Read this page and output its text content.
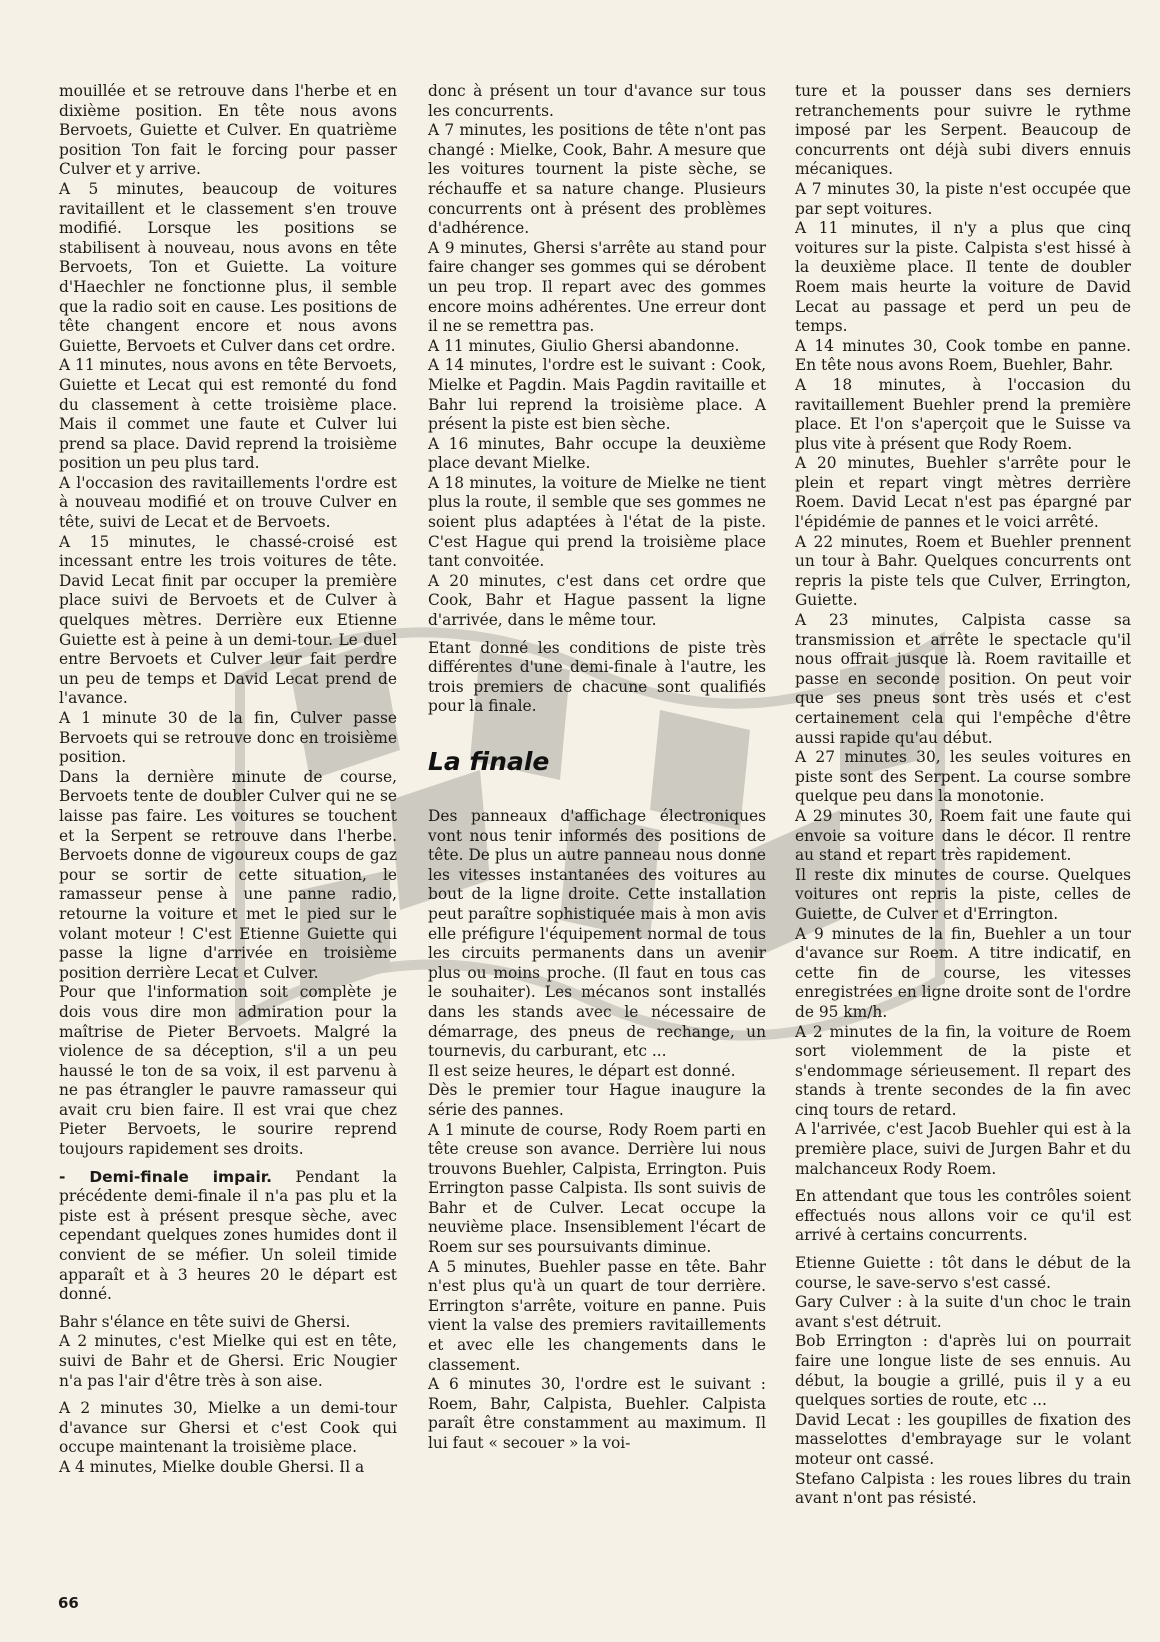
mouillée et se retrouve dans l'herbe et en dixième position. En tête nous avons Bervoets, Guiette et Culver. En quatrième position Ton fait le forcing pour passer Culver et y arrive.

A 5 minutes, beaucoup de voitures ravitaillent et le classement s'en trouve modifié. Lorsque les positions se stabilisent à nouveau, nous avons en tête Bervoets, Ton et Guiette. La voiture d'Haechler ne fonctionne plus, il semble que la radio soit en cause. Les positions de tête changent encore et nous avons Guiette, Bervoets et Culver dans cet ordre.

A 11 minutes, nous avons en tête Bervoets, Guiette et Lecat qui est remonté du fond du classement à cette troisième place. Mais il commet une faute et Culver lui prend sa place. David reprend la troisième position un peu plus tard.

A l'occasion des ravitaillements l'ordre est à nouveau modifié et on trouve Culver en tête, suivi de Lecat et de Bervoets.

A 15 minutes, le chassé-croisé est incessant entre les trois voitures de tête. David Lecat finit par occuper la première place suivi de Bervoets et de Culver à quelques mètres. Derrière eux Etienne Guiette est à peine à un demi-tour. Le duel entre Bervoets et Culver leur fait perdre un peu de temps et David Lecat prend de l'avance.

A 1 minute 30 de la fin, Culver passe Bervoets qui se retrouve donc en troisième position.

Dans la dernière minute de course, Bervoets tente de doubler Culver qui ne se laisse pas faire. Les voitures se touchent et la Serpent se retrouve dans l'herbe. Bervoets donne de vigoureux coups de gaz pour se sortir de cette situation, le ramasseur pense à une panne radio, retourne la voiture et met le pied sur le volant moteur ! C'est Etienne Guiette qui passe la ligne d'arrivée en troisième position derrière Lecat et Culver.

Pour que l'information soit complète je dois vous dire mon admiration pour la maîtrise de Pieter Bervoets. Malgré la violence de sa déception, s'il a un peu haussé le ton de sa voix, il est parvenu à ne pas étrangler le pauvre ramasseur qui avait cru bien faire. Il est vrai que chez Pieter Bervoets, le sourire reprend toujours rapidement ses droits.

- Demi-finale impair. Pendant la précédente demi-finale il n'a pas plu et la piste est à présent presque sèche, avec cependant quelques zones humides dont il convient de se méfier. Un soleil timide apparaît et à 3 heures 20 le départ est donné.

Bahr s'élance en tête suivi de Ghersi.

A 2 minutes, c'est Mielke qui est en tête, suivi de Bahr et de Ghersi. Eric Nougier n'a pas l'air d'être très à son aise.

A 2 minutes 30, Mielke a un demi-tour d'avance sur Ghersi et c'est Cook qui occupe maintenant la troisième place.

A 4 minutes, Mielke double Ghersi. Il a

donc à présent un tour d'avance sur tous les concurrents.

A 7 minutes, les positions de tête n'ont pas changé : Mielke, Cook, Bahr. A mesure que les voitures tournent la piste sèche, se réchauffe et sa nature change. Plusieurs concurrents ont à présent des problèmes d'adhérence.

A 9 minutes, Ghersi s'arrête au stand pour faire changer ses gommes qui se dérobent un peu trop. Il repart avec des gommes encore moins adhérentes. Une erreur dont il ne se remettra pas.

A 11 minutes, Giulio Ghersi abandonne.

A 14 minutes, l'ordre est le suivant : Cook, Mielke et Pagdin. Mais Pagdin ravitaille et Bahr lui reprend la troisième place. A présent la piste est bien sèche.

A 16 minutes, Bahr occupe la deuxième place devant Mielke.

A 18 minutes, la voiture de Mielke ne tient plus la route, il semble que ses gommes ne soient plus adaptées à l'état de la piste. C'est Hague qui prend la troisième place tant convoitée.

A 20 minutes, c'est dans cet ordre que Cook, Bahr et Hague passent la ligne d'arrivée, dans le même tour.

Etant donné les conditions de piste très différentes d'une demi-finale à l'autre, les trois premiers de chacune sont qualifiés pour la finale.

La finale

Des panneaux d'affichage électroniques vont nous tenir informés des positions de tête. De plus un autre panneau nous donne les vitesses instantanées des voitures au bout de la ligne droite. Cette installation peut paraître sophistiquée mais à mon avis elle préfigure l'équipement normal de tous les circuits permanents dans un avenir plus ou moins proche. (Il faut en tous cas le souhaiter). Les mécanos sont installés dans les stands avec le nécessaire de démarrage, des pneus de rechange, un tournevis, du carburant, etc ...

Il est seize heures, le départ est donné.

Dès le premier tour Hague inaugure la série des pannes.

A 1 minute de course, Rody Roem parti en tête creuse son avance. Derrière lui nous trouvons Buehler, Calpista, Errington. Puis Errington passe Calpista. Ils sont suivis de Bahr et de Culver. Lecat occupe la neuvième place. Insensiblement l'écart de Roem sur ses poursuivants diminue.

A 5 minutes, Buehler passe en tête. Bahr n'est plus qu'à un quart de tour derrière. Errington s'arrête, voiture en panne. Puis vient la valse des premiers ravitaillements et avec elle les changements dans le classement.

A 6 minutes 30, l'ordre est le suivant : Roem, Bahr, Calpista, Buehler. Calpista paraît être constamment au maximum. Il lui faut « secouer » la voi-

ture et la pousser dans ses derniers retranchements pour suivre le rythme imposé par les Serpent. Beaucoup de concurrents ont déjà subi divers ennuis mécaniques.

A 7 minutes 30, la piste n'est occupée que par sept voitures.

A 11 minutes, il n'y a plus que cinq voitures sur la piste. Calpista s'est hissé à la deuxième place. Il tente de doubler Roem mais heurte la voiture de David Lecat au passage et perd un peu de temps.

A 14 minutes 30, Cook tombe en panne. En tête nous avons Roem, Buehler, Bahr.

A 18 minutes, à l'occasion du ravitaillement Buehler prend la première place. Et l'on s'aperçoit que le Suisse va plus vite à présent que Rody Roem.

A 20 minutes, Buehler s'arrête pour le plein et repart vingt mètres derrière Roem. David Lecat n'est pas épargné par l'épidémie de pannes et le voici arrêté.

A 22 minutes, Roem et Buehler prennent un tour à Bahr. Quelques concurrents ont repris la piste tels que Culver, Errington, Guiette.

A 23 minutes, Calpista casse sa transmission et arrête le spectacle qu'il nous offrait jusque là. Roem ravitaille et passe en seconde position. On peut voir que ses pneus sont très usés et c'est certainement cela qui l'empêche d'être aussi rapide qu'au début.

A 27 minutes 30, les seules voitures en piste sont des Serpent. La course sombre quelque peu dans la monotonie.

A 29 minutes 30, Roem fait une faute qui envoie sa voiture dans le décor. Il rentre au stand et repart très rapidement.

Il reste dix minutes de course. Quelques voitures ont repris la piste, celles de Guiette, de Culver et d'Errington.

A 9 minutes de la fin, Buehler a un tour d'avance sur Roem. A titre indicatif, en cette fin de course, les vitesses enregistrées en ligne droite sont de l'ordre de 95 km/h.

A 2 minutes de la fin, la voiture de Roem sort violemment de la piste et s'endommage sérieusement. Il repart des stands à trente secondes de la fin avec cinq tours de retard.

A l'arrivée, c'est Jacob Buehler qui est à la première place, suivi de Jurgen Bahr et du malchanceux Rody Roem.

En attendant que tous les contrôles soient effectués nous allons voir ce qu'il est arrivé à certains concurrents.

Etienne Guiette : tôt dans le début de la course, le save-servo s'est cassé.

Gary Culver : à la suite d'un choc le train avant s'est détruit.

Bob Errington : d'après lui on pourrait faire une longue liste de ses ennuis. Au début, la bougie a grillé, puis il y a eu quelques sorties de route, etc ...

David Lecat : les goupilles de fixation des masselottes d'embrayage sur le volant moteur ont cassé.

Stefano Calpista : les roues libres du train avant n'ont pas résisté.

66
